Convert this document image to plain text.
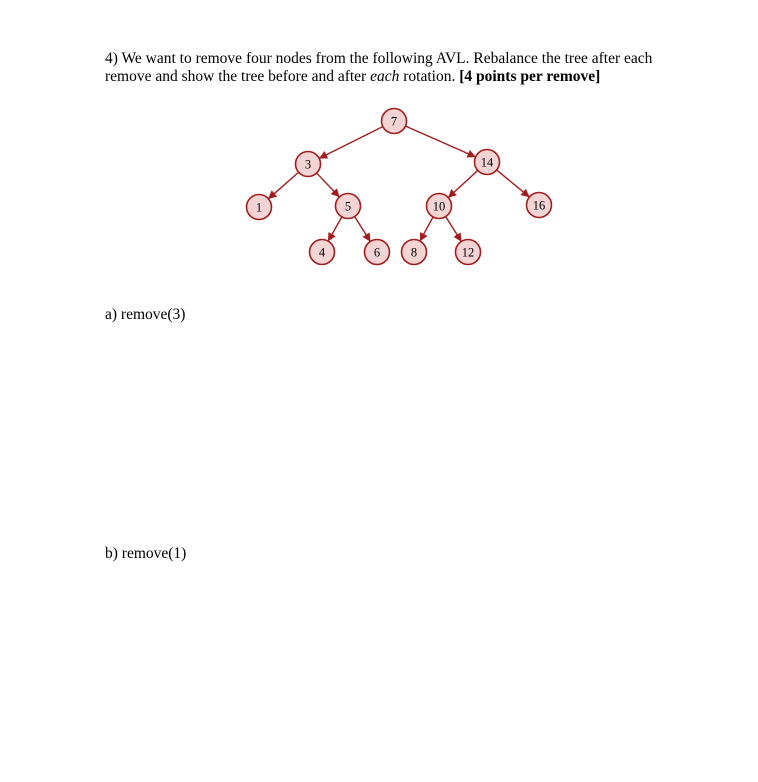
4) We want to remove four nodes from the following AVL. Rebalance the tree after each
remove and show the tree before and after each rotation. [4 points per remove]
7
3	14
1	5	10	16
4	6 8	12
a) remove(3)
b) remove(1)
